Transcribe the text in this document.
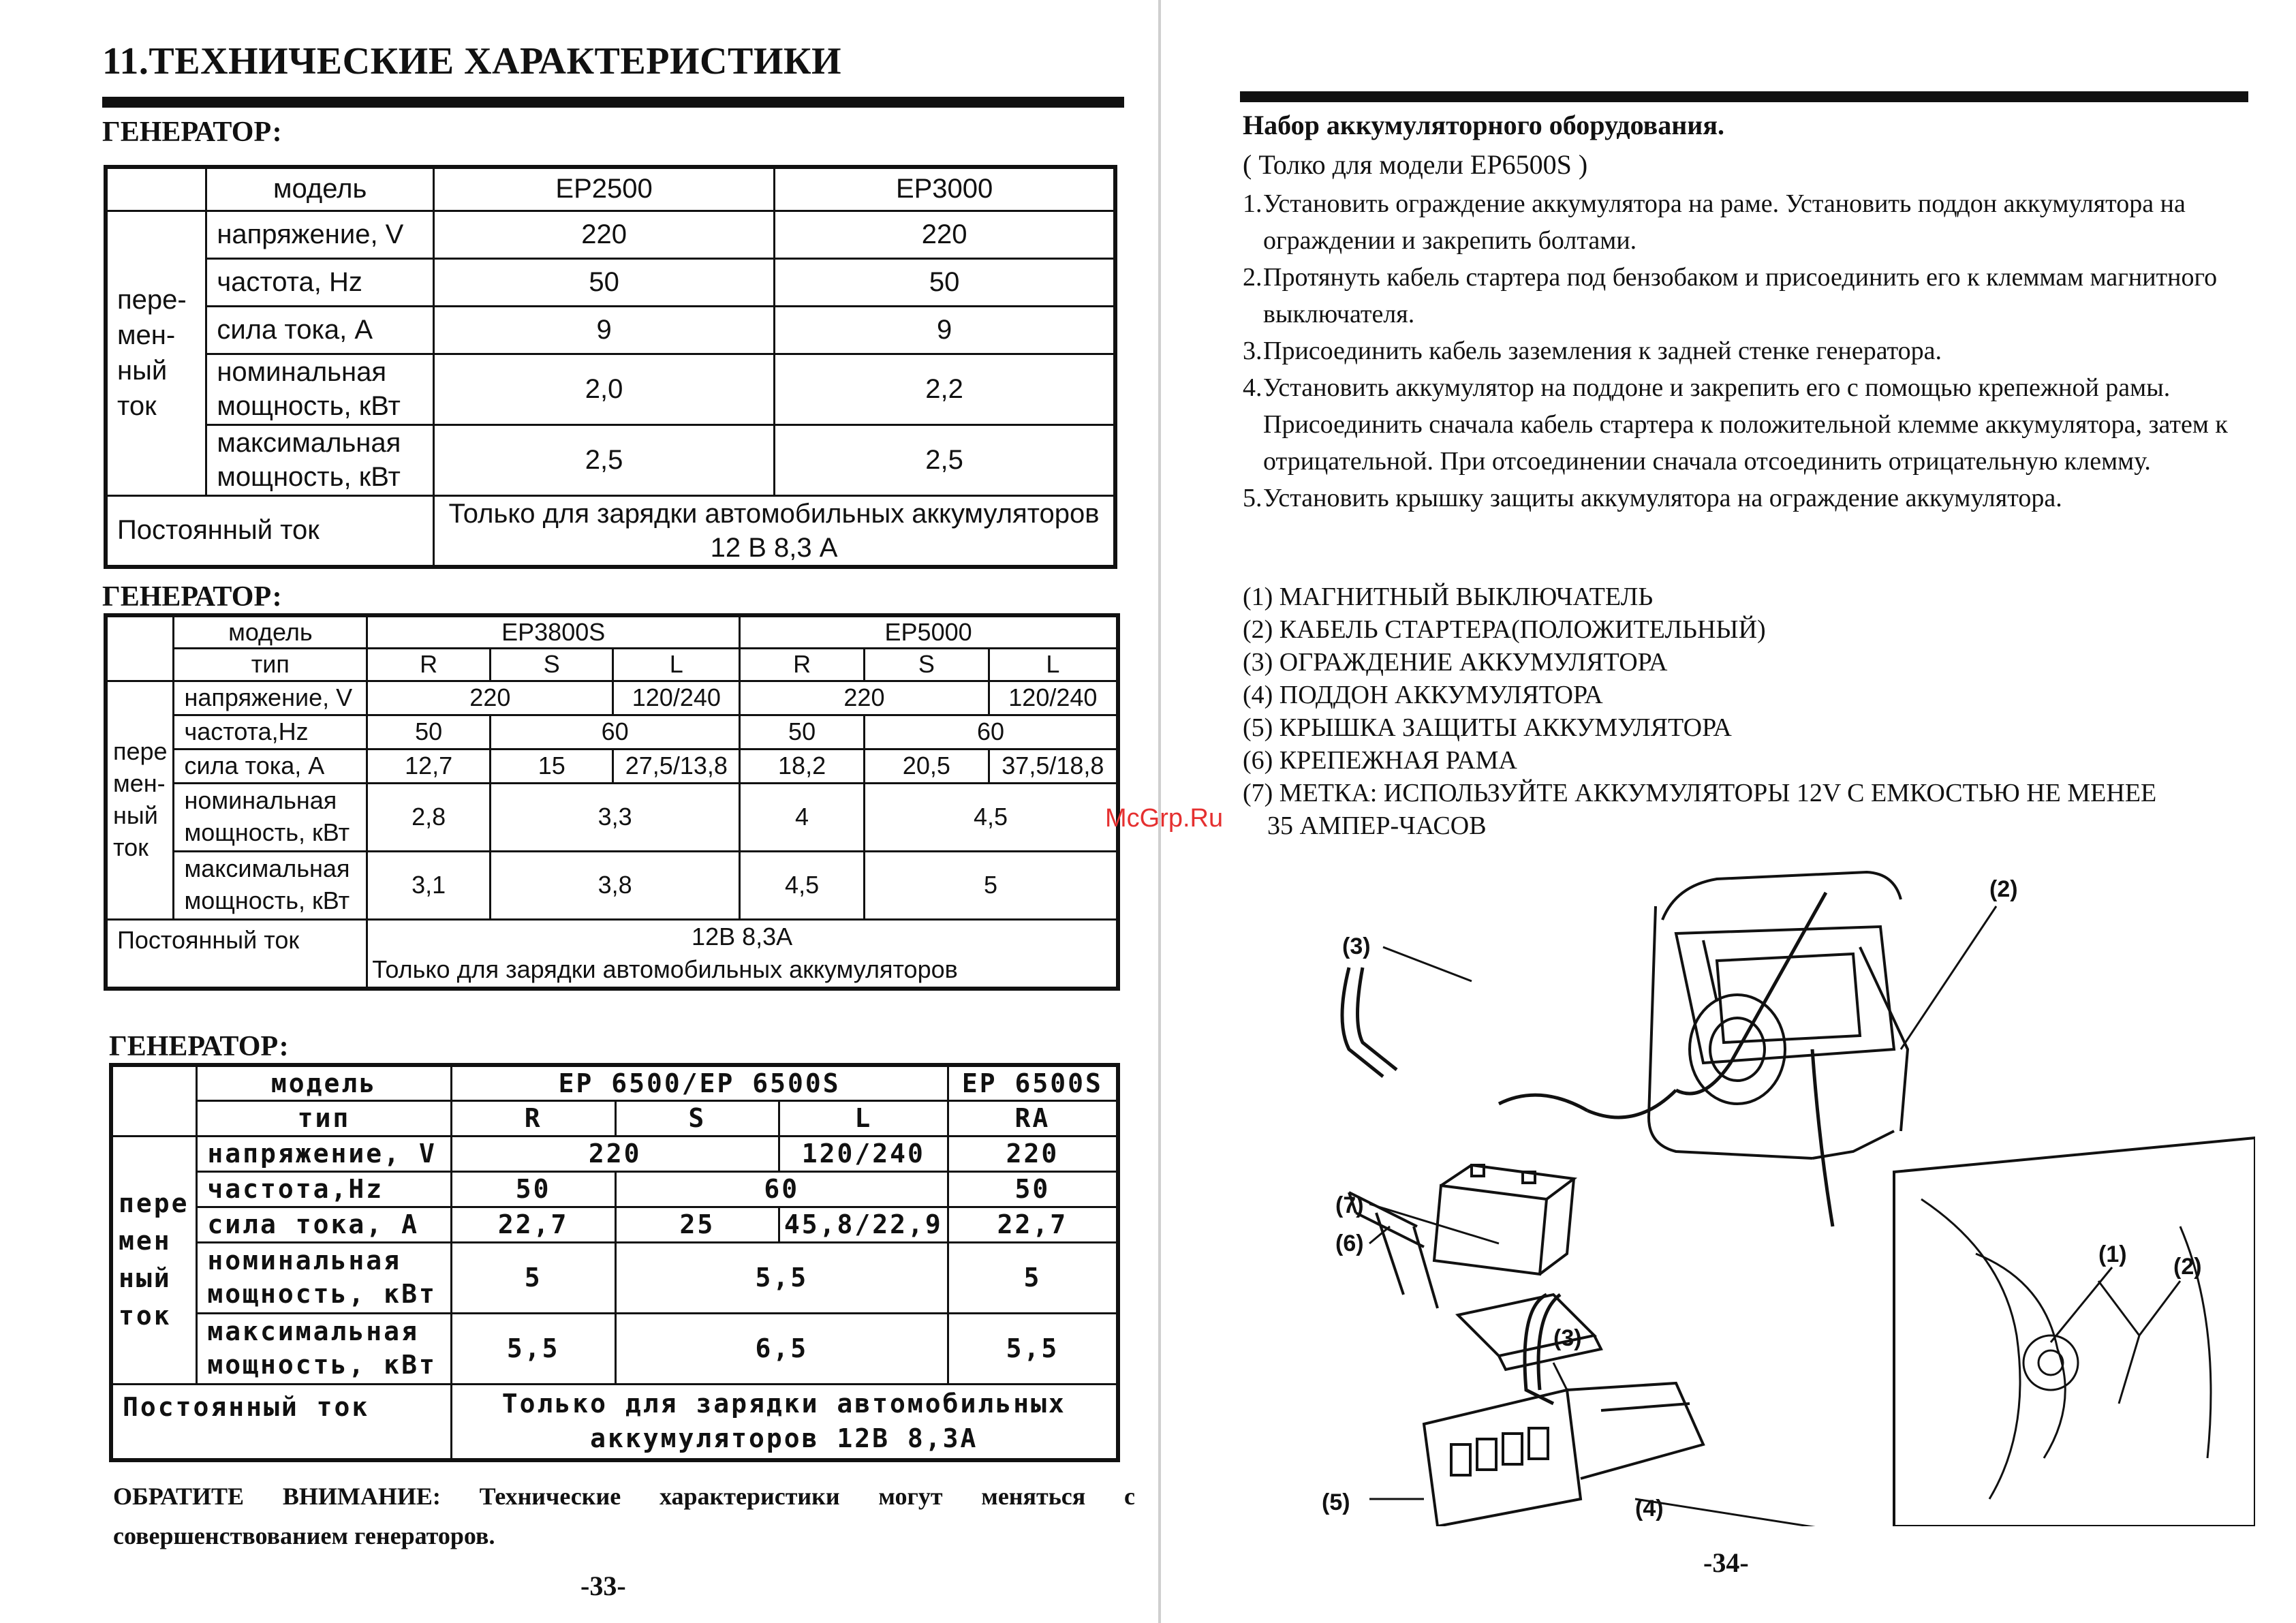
11.ТЕХНИЧЕСКИЕ ХАРАКТЕРИСТИКИ
ГЕНЕРАТОР:
	модель	EP2500	EP3000
пере-
мен-
ный
ток	напряжение, V	220	220
	частота, Hz	50	50
	сила тока, A	9	9
	номинальная
мощность, кВт	2,0	2,2
	максимальная
мощность, кВт	2,5	2,5
Постоянный ток		Только для зарядки автомобильных аккумуляторов
12 В 8,3 А	
ГЕНЕРАТОР:
	модель	EP3800S			EP5000		
	тип	R	S	L	R	S	L
пере
мен-
ный
ток	напряжение, V	220		120/240	220		120/240
	частота,Hz	50	60		50	60	
	сила тока, A	12,7	15	27,5/13,8	18,2	20,5	37,5/18,8
	номинальная
мощность, кВт	2,8	3,3		4	4,5	
	максимальная
мощность, кВт	3,1	3,8		4,5	5	
Постоянный ток		12В 8,3А
Только для зарядки автомобильных аккумуляторов					
ГЕНЕРАТОР:
	модель	EP 6500/EP 6500S			EP 6500S
	тип	R	S	L	RA
пере
мен
ный
ток	напряжение, V	220		120/240	220
	частота,Hz	50	60		50
	сила тока, A	22,7	25	45,8/22,9	22,7
	номинальная
мощность, кВт	5	5,5		5
	максимальная
мощность, кВт	5,5	6,5		5,5
Постоянный ток		Только для зарядки автомобильных
аккумуляторов 12В 8,3А			
ОБРАТИТЕ ВНИМАНИЕ: Технические характеристики могут меняться с совершенствованием генераторов.
-33-
Набор аккумуляторного оборудования.
( Толко для модели EP6500S )
1. Установить ограждение аккумулятора на раме. Установить поддон аккумулятора на ограждении и закрепить болтами.
2. Протянуть кабель стартера под бензобаком и присоединить его к клеммам магнитного выключателя.
3. Присоединить кабель заземления к задней стенке генератора.
4. Установить аккумулятор на поддоне и закрепить его с помощью крепежной рамы. Присоединить сначала кабель стартера к положительной клемме аккумулятора, затем к отрицательной. При отсоединении сначала отсоединить отрицательную клемму.
5. Установить крышку защиты аккумулятора на ограждение аккумулятора.
(1) МАГНИТНЫЙ ВЫКЛЮЧАТЕЛЬ
(2) КАБЕЛЬ СТАРТЕРА(ПОЛОЖИТЕЛЬНЫЙ)
(3) ОГРАЖДЕНИЕ АККУМУЛЯТОРА
(4) ПОДДОН АККУМУЛЯТОРА
(5) КРЫШКА ЗАЩИТЫ АККУМУЛЯТОРА
(6) КРЕПЕЖНАЯ РАМА
(7) МЕТКА: ИСПОЛЬЗУЙТЕ АККУМУЛЯТОРЫ 12V С ЕМКОСТЬЮ НЕ МЕНЕЕ
35 АМПЕР-ЧАСОВ
McGrp.Ru
(3)
(2)
(7)
(6)
(5)
(3)
(4)
(1) (2)
-34-
